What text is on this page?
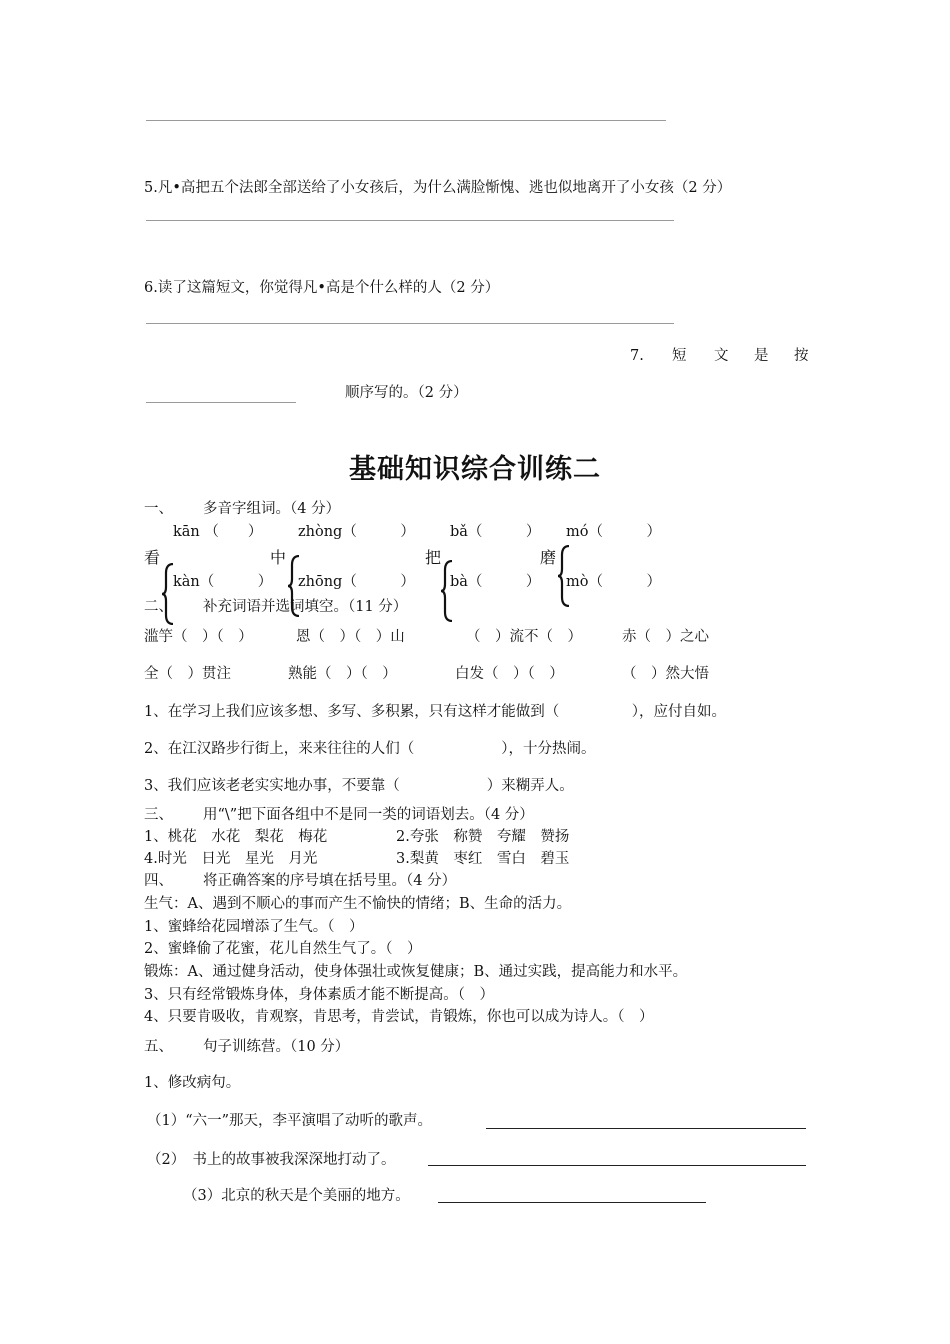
5.凡•高把五个法郎全部送给了小女孩后，为什么满脸惭愧、逃也似地离开了小女孩（2 分）
6.读了这篇短文，你觉得凡•高是个什么样的人（2 分）
7. 短 文 是 按
顺序写的。（2 分）
基础知识综合训练二
一、 多音字组词。（4 分）
kān （　　） zhòng（　　　） bǎ（　　　） mó（　　　）
看	中	把	磨
kàn（　　　） zhōng（　　　） bà（　　　） mò（　　　）
二、 补充词语并选词填空。（11 分）
滥竽（　）（　）	恩（　）（　）山	（　）流不（　）	赤（　）之心
全（　）贯注	熟能（　）（　）	白发（　）（　）	（　）然大悟
1、在学习上我们应该多想、多写、多积累，只有这样才能做到（　　　　　），应付自如。
2、在江汉路步行街上，来来往往的人们（　　　　　　），十分热闹。
3、我们应该老老实实地办事，不要靠（　　　　　　）来糊弄人。
三、 用“\”把下面各组中不是同一类的词语划去。（4 分）
1、桃花　水花　梨花　梅花	2.夸张　称赞　夸耀　赞扬
4.时光　日光　星光　月光	3.梨黄　枣红　雪白　碧玉
四、 将正确答案的序号填在括号里。（4 分）
生气：A、遇到不顺心的事而产生不愉快的情绪；B、生命的活力。
1、蜜蜂给花园增添了生气。（　）
2、蜜蜂偷了花蜜，花儿自然生气了。（　）
锻炼：A、通过健身活动，使身体强壮或恢复健康；B、通过实践，提高能力和水平。
3、只有经常锻炼身体，身体素质才能不断提高。（　）
4、只要肯吸收，肯观察，肯思考，肯尝试，肯锻炼，你也可以成为诗人。（　）
五、 句子训练营。（10 分）
1、修改病句。
（1）“六一”那天，李平演唱了动听的歌声。
（2）　书上的故事被我深深地打动了。
（3）北京的秋天是个美丽的地方。
